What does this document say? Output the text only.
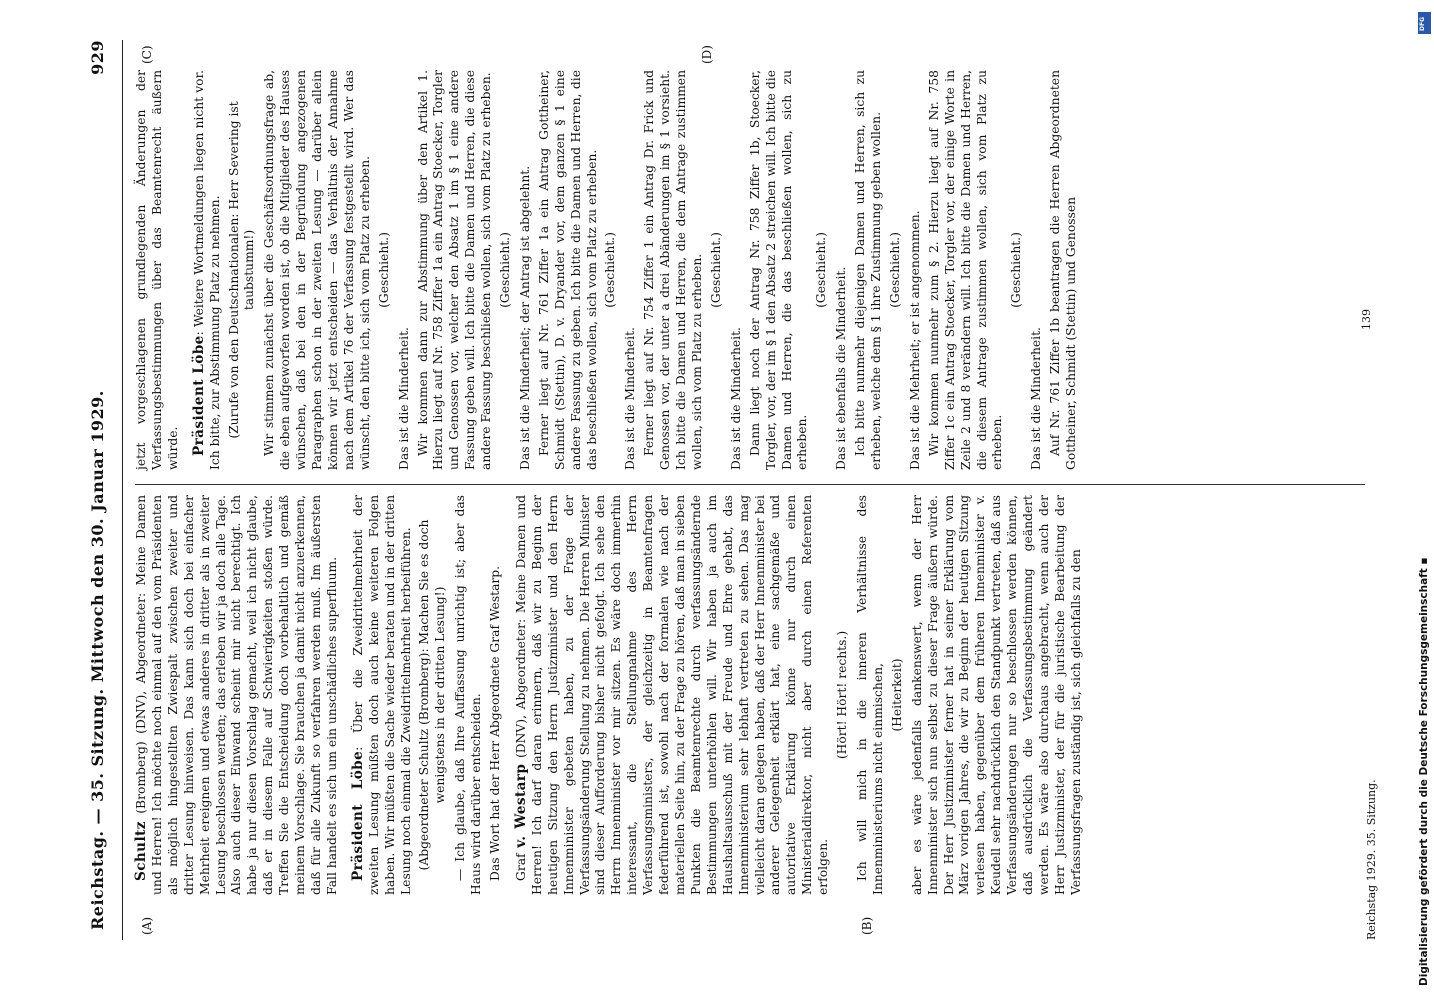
Reichstag. — 35. Sitzung. Mittwoch den 30. Januar 1929.
929
(A)	(B)
(C)	(D)

Schultz (Bromberg) (DNV), Abgeordneter: Meine Damen und Herren! Ich möchte noch einmal auf den vom Präsidenten als möglich hingestellten Zwiespalt zwischen zweiter und dritter Lesung hinweisen. Das kann sich doch bei einfacher Mehrheit ereignen und etwas anderes in dritter als in zweiter Lesung beschlossen werden; das erleben wir ja doch alle Tage. Also auch dieser Einwand scheint mir nicht berechtigt. Ich habe ja nur diesen Vorschlag gemacht, weil ich nicht glaube, daß er in diesem Falle auf Schwierigkeiten stoßen würde. Treffen Sie die Entscheidung doch vorbehaltlich und gemäß meinem Vorschlage. Sie brauchen ja damit nicht anzuerkennen, daß für alle Zukunft so verfahren werden muß. Im äußersten Fall handelt es sich um ein unschädliches superfluum. Präsident Löbe: Über die Zweidrittelmehrheit der zweiten Lesung müßten doch auch keine weiteren Folgen haben. Wir müßten die Sache wieder beraten und in der dritten Lesung noch einmal die Zweidrittelmehrheit herbeiführen. (Abgeordneter Schultz (Bromberg): Machen Sie es doch wenigstens in der dritten Lesung!) — Ich glaube, daß Ihre Auffassung unrichtig ist; aber das Haus wird darüber entscheiden. Das Wort hat der Herr Abgeordnete Graf Westarp. Graf v. Westarp (DNV), Abgeordneter: Meine Damen und Herren! Ich darf daran erinnern, daß wir zu Beginn der heutigen Sitzung den Herrn Justizminister und den Herrn Innenminister gebeten haben, zu der Frage der Verfassungsänderung Stellung zu nehmen. Die Herren Minister sind dieser Aufforderung bisher nicht gefolgt. Ich sehe den Herrn Innenminister vor mir sitzen. Es wäre doch immerhin interessant, die Stellungnahme des Herrn Verfassungsministers, der gleichzeitig in Beamtenfragen federführend ist, sowohl nach der formalen wie nach der materiellen Seite hin, zu der Frage zu hören, daß man in sieben Punkten die Beamtenrechte durch verfassungsändernde Bestimmungen unterhöhlen will. Wir haben ja auch im Haushaltsausschuß mit der Freude und Ehre gehabt, das Innenministerium sehr lebhaft vertreten zu sehen. Das mag vielleicht daran gelegen haben, daß der Herr Innenminister bei anderer Gelegenheit erklärt hat, eine sachgemäße und autoritative Erklärung könne nur durch einen Ministerialdirektor, nicht aber durch einen Referenten erfolgen.

(Hört! Hört! rechts.) Ich will mich in die inneren Verhältnisse des Innenministeriums nicht einmischen, (Heiterkeit) aber es wäre jedenfalls dankenswert, wenn der Herr Innenminister sich nun selbst zu dieser Frage äußern würde. Der Herr Justizminister ferner hat in seiner Erklärung vom März vorigen Jahres, die wir zu Beginn der heutigen Sitzung verlesen haben, gegenüber dem früheren Innenminister v. Keudell sehr nachdrücklich den Standpunkt vertreten, daß aus Verfassungsänderungen nur so beschlossen werden können, daß ausdrücklich die Verfassungsbestimmung geändert werden. Es wäre also durchaus angebracht, wenn auch der Herr Justizminister, der für die juristische Bearbeitung der Verfassungsfragen zuständig ist, sich gleichfalls zu den

jetzt vorgeschlagenen grundlegenden Änderungen der Verfassungsbestimmungen über das Beamtenrecht äußern würde. Präsident Löbe: Weitere Wortmeldungen liegen nicht vor. Ich bitte, zur Abstimmung Platz zu nehmen. (Zurufe von den Deutschnationalen: Herr Severing ist taubstumm!) Wir stimmen zunächst über die Geschäftsordnungsfrage ab, die eben aufgeworfen worden ist, ob die Mitglieder des Hauses wünschen, daß bei den in der Begründung angezogenen Paragraphen schon in der zweiten Lesung — darüber allein können wir jetzt entscheiden — das Verhältnis der Annahme nach dem Artikel 76 der Verfassung festgestellt wird. Wer das wünscht, den bitte ich, sich vom Platz zu erheben. (Geschieht.)

Das ist die Minderheit. Wir kommen dann zur Abstimmung über den Artikel 1. Hierzu liegt auf Nr. 758 Ziffer 1a ein Antrag Stoecker, Torgler und Genossen vor, welcher den Absatz 1 im § 1 eine andere Fassung geben will. Ich bitte die Damen und Herren, die diese andere Fassung beschließen wollen, sich vom Platz zu erheben. (Geschieht.) Das ist die Minderheit; der Antrag ist abgelehnt. Ferner liegt auf Nr. 761 Ziffer 1a ein Antrag Gottheiner, Schmidt (Stettin), D. v. Dryander vor, dem ganzen § 1 eine andere Fassung zu geben. Ich bitte die Damen und Herren, die das beschließen wollen, sich vom Platz zu erheben. (Geschieht.)

Das ist die Minderheit. Ferner liegt auf Nr. 754 Ziffer 1 ein Antrag Dr. Frick und Genossen vor, der unter a drei Abänderungen im § 1 vorsieht. Ich bitte die Damen und Herren, die dem Antrage zustimmen wollen, sich vom Platz zu erheben. (Geschieht.)

Das ist die Minderheit. Dann liegt noch der Antrag Nr. 758 Ziffer 1b, Stoecker, Torgler, vor, der im § 1 den Absatz 2 streichen will. Ich bitte die Damen und Herren, die das beschließen wollen, sich zu erheben.

(Geschieht.) Das ist ebenfalls die Minderheit. Ich bitte nunmehr diejenigen Damen und Herren, sich zu erheben, welche dem § 1 ihre Zustimmung geben wollen. (Geschieht.) Das ist die Mehrheit; er ist angenommen. Wir kommen nunmehr zum § 2. Hierzu liegt auf Nr. 758 Ziffer 1c ein Antrag Stoecker, Torgler vor, der einige Worte in Zeile 2 und 8 verändern will. Ich bitte die Damen und Herren, die diesem Antrage zustimmen wollen, sich vom Platz zu erheben.

(Geschieht.)

Das ist die Minderheit. Auf Nr. 761 Ziffer 1b beantragen die Herren Abgeordneten Gottheiner, Schmidt (Stettin) und Genossen

Reichstag 1929. 35. Sitzung.
139
DFG
Digitalisierung gefördert durch die Deutsche Forschungsgemeinschaft ▪
